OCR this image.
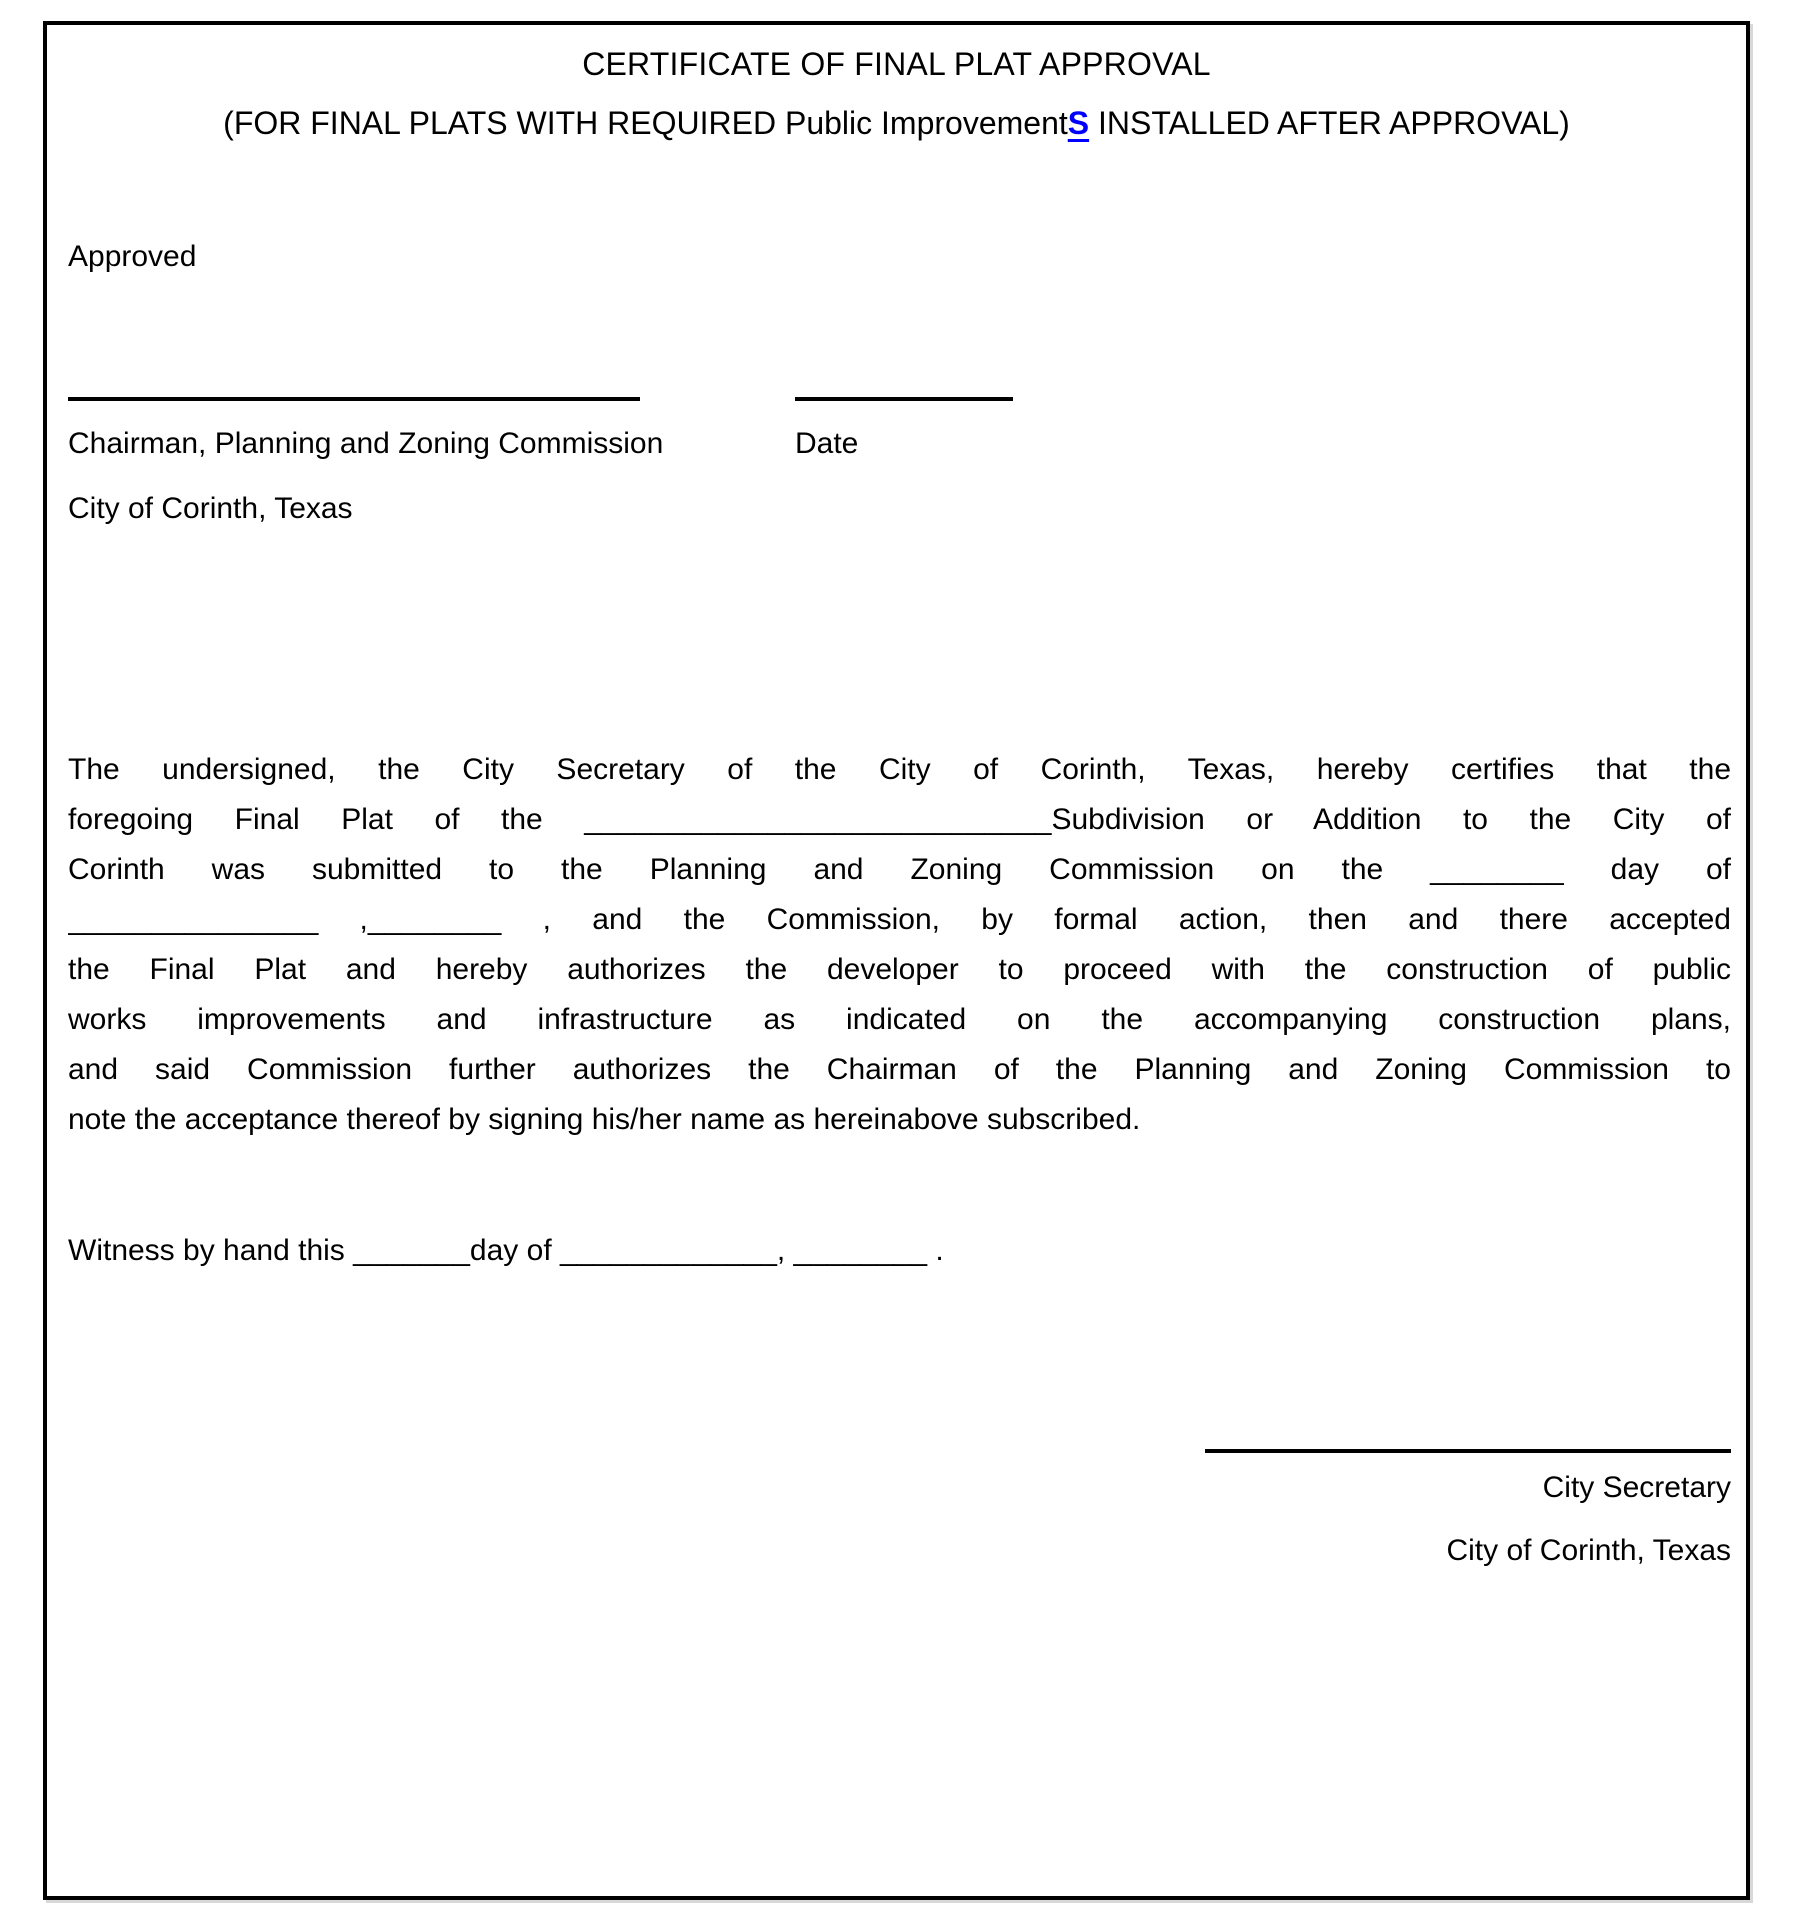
CERTIFICATE OF FINAL PLAT APPROVAL
(FOR FINAL PLATS WITH REQUIRED Public ImprovementS INSTALLED AFTER APPROVAL)
Approved
Chairman, Planning and Zoning Commission	Date
City of Corinth, Texas
The undersigned, the City Secretary of the City of Corinth, Texas, hereby certifies that the
foregoing Final Plat of the ____________________________Subdivision or Addition to the City of
Corinth was submitted to the Planning and Zoning Commission on the ________ day of
_______________ ,________ , and the Commission, by formal action, then and there accepted
the Final Plat and hereby authorizes the developer to proceed with the construction of public
works improvements and infrastructure as indicated on the accompanying construction plans,
and said Commission further authorizes the Chairman of the Planning and Zoning Commission to
note the acceptance thereof by signing his/her name as hereinabove subscribed.
Witness by hand this _______day of _____________, ________ .
City Secretary
City of Corinth, Texas
